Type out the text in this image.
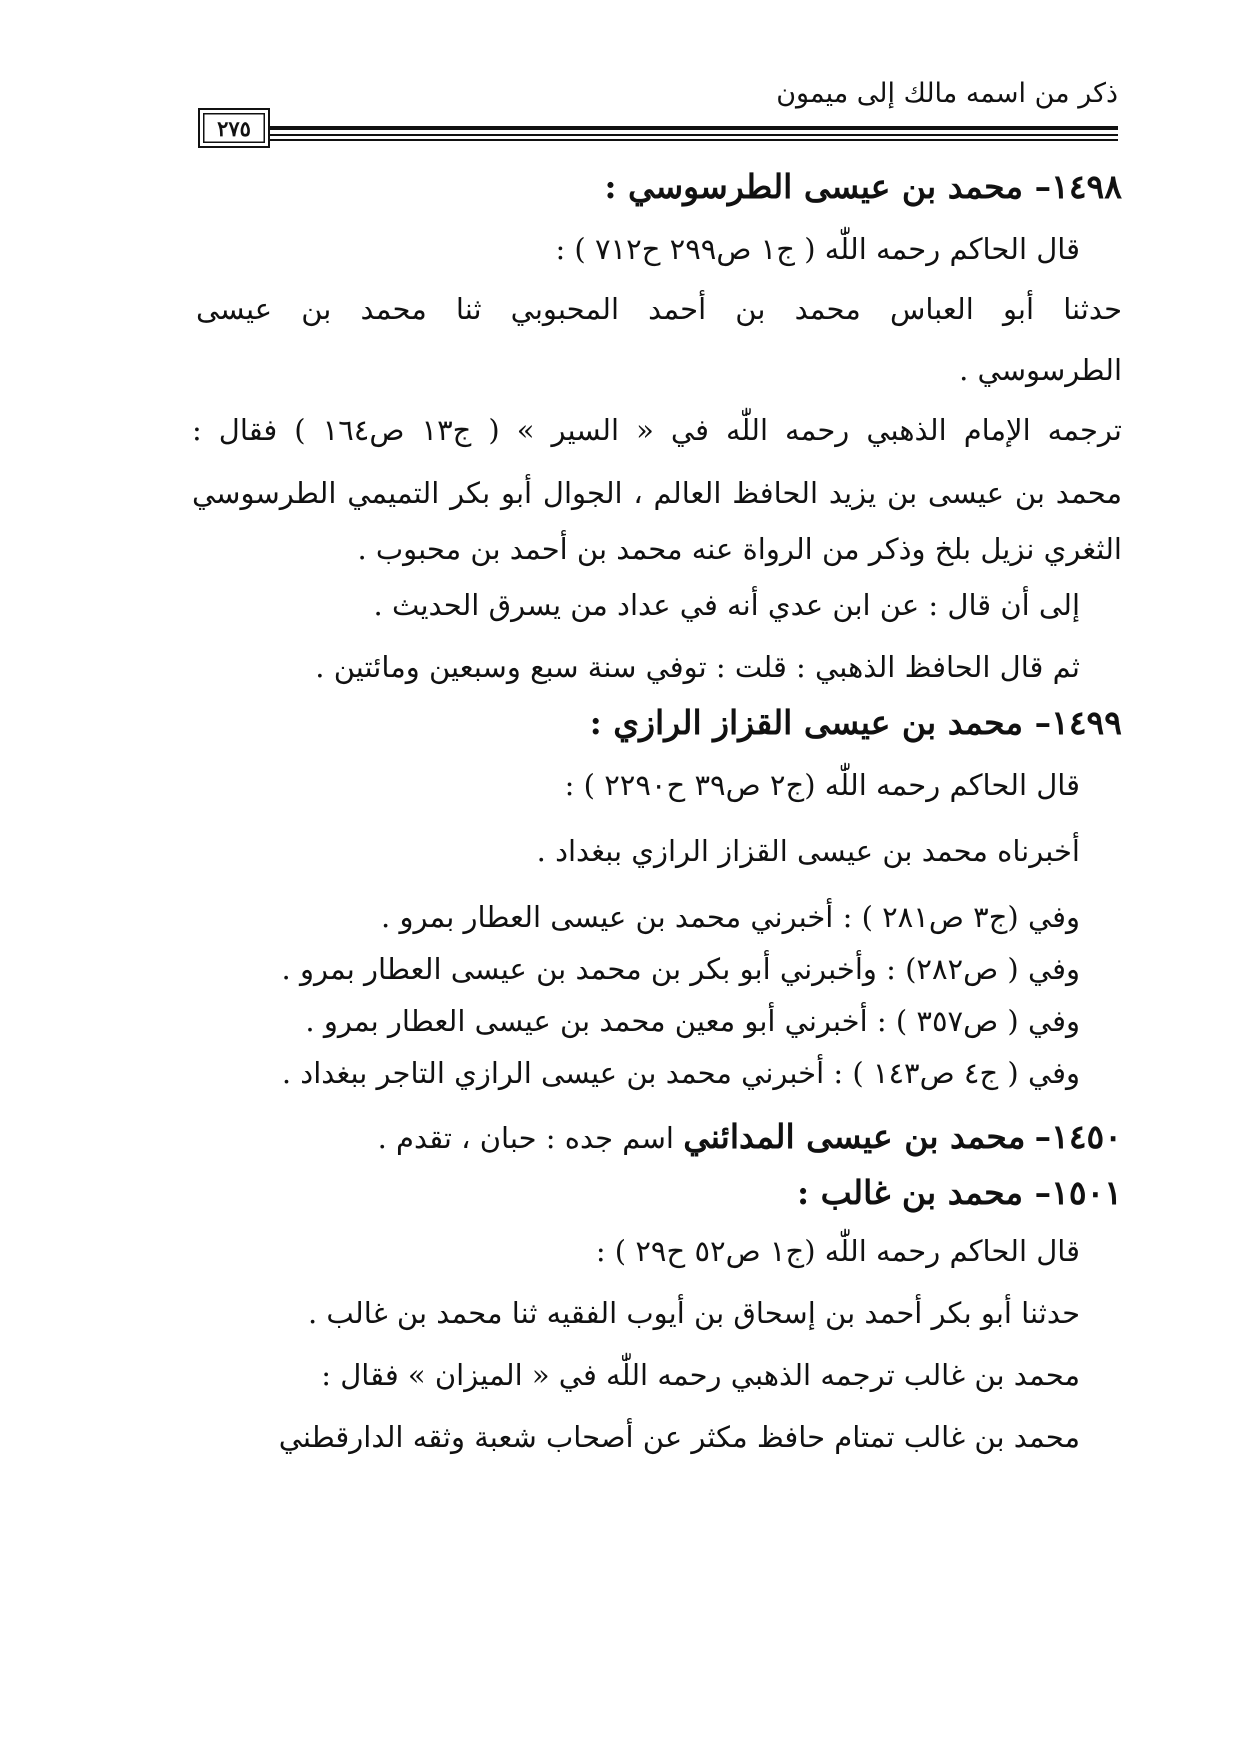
ذكر من اسمه مالك إلى ميمون
٢٧٥
١٤٩٨– محمد بن عيسى الطرسوسي :
قال الحاكم رحمه اللّٰه ( ج١ ص٢٩٩ ح٧١٢ ) :
حدثنا أبو العباس محمد بن أحمد المحبوبي ثنا محمد بن عيسى
الطرسوسي .
ترجمه الإمام الذهبي رحمه اللّٰه في « السير » ( ج١٣ ص١٦٤ ) فقال :
محمد بن عيسى بن يزيد الحافظ العالم ، الجوال أبو بكر التميمي الطرسوسي
الثغري نزيل بلخ وذكر من الرواة عنه محمد بن أحمد بن محبوب .
إلى أن قال : عن ابن عدي أنه في عداد من يسرق الحديث .
ثم قال الحافظ الذهبي : قلت : توفي سنة سبع وسبعين ومائتين .
١٤٩٩– محمد بن عيسى القزاز الرازي :
قال الحاكم رحمه اللّٰه (ج٢ ص٣٩ ح٢٢٩٠ ) :
أخبرناه محمد بن عيسى القزاز الرازي ببغداد .
وفي (ج٣ ص٢٨١ ) : أخبرني محمد بن عيسى العطار بمرو .
وفي ( ص٢٨٢) : وأخبرني أبو بكر بن محمد بن عيسى العطار بمرو .
وفي ( ص٣٥٧ ) : أخبرني أبو معين محمد بن عيسى العطار بمرو .
وفي ( ج٤ ص١٤٣ ) : أخبرني محمد بن عيسى الرازي التاجر ببغداد .
١٤٥٠– محمد بن عيسى المدائني اسم جده : حبان ، تقدم .
١٥٠١– محمد بن غالب :
قال الحاكم رحمه اللّٰه (ج١ ص٥٢ ح٢٩ ) :
حدثنا أبو بكر أحمد بن إسحاق بن أيوب الفقيه ثنا محمد بن غالب .
محمد بن غالب ترجمه الذهبي رحمه اللّٰه في « الميزان » فقال :
محمد بن غالب تمتام حافظ مكثر عن أصحاب شعبة وثقه الدارقطني
